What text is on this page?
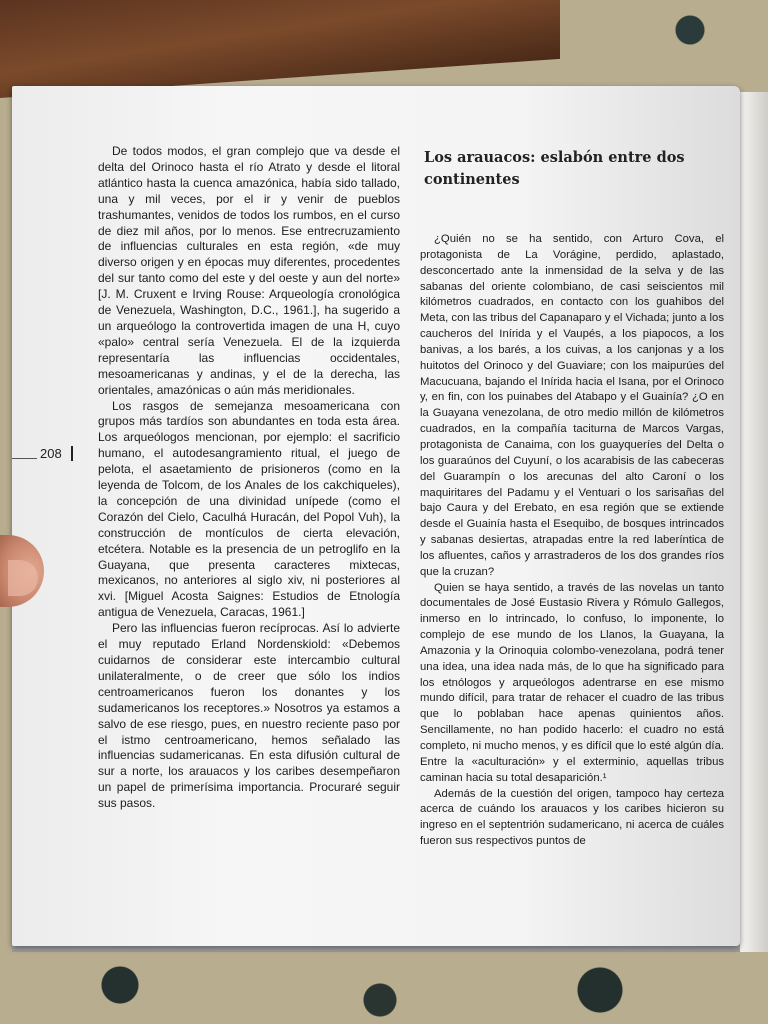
208

De todos modos, el gran complejo que va desde el delta del Orinoco hasta el río Atrato y desde el litoral atlántico hasta la cuenca amazónica, había sido tallado, una y mil veces, por el ir y venir de pueblos trashumantes, venidos de todos los rumbos, en el curso de diez mil años, por lo menos. Ese entrecruzamiento de influencias culturales en esta región, «de muy diverso origen y en épocas muy diferentes, procedentes del sur tanto como del este y del oeste y aun del norte» [J. M. Cruxent e Irving Rouse: Arqueología cronológica de Venezuela, Washington, D.C., 1961.], ha sugerido a un arqueólogo la controvertida imagen de una H, cuyo «palo» central sería Venezuela. El de la izquierda representaría las influencias occidentales, mesoamericanas y andinas, y el de la derecha, las orientales, amazónicas o aún más meridionales.

Los rasgos de semejanza mesoamericana con grupos más tardíos son abundantes en toda esta área. Los arqueólogos mencionan, por ejemplo: el sacrificio humano, el autodesangramiento ritual, el juego de pelota, el asaetamiento de prisioneros (como en la leyenda de Tolcom, de los Anales de los cakchiqueles), la concepción de una divinidad unípede (como el Corazón del Cielo, Caculhá Huracán, del Popol Vuh), la construcción de montículos de cierta elevación, etcétera. Notable es la presencia de un petroglifo en la Guayana, que presenta caracteres mixtecas, mexicanos, no anteriores al siglo xiv, ni posteriores al xvi. [Miguel Acosta Saignes: Estudios de Etnología antigua de Venezuela, Caracas, 1961.]

Pero las influencias fueron recíprocas. Así lo advierte el muy reputado Erland Nordenskiold: «Debemos cuidarnos de considerar este intercambio cultural unilateralmente, o de creer que sólo los indios centroamericanos fueron los donantes y los sudamericanos los receptores.» Nosotros ya estamos a salvo de ese riesgo, pues, en nuestro reciente paso por el istmo centroamericano, hemos señalado las influencias sudamericanas. En esta difusión cultural de sur a norte, los arauacos y los caribes desempeñaron un papel de primerísima importancia. Procuraré seguir sus pasos.

Los arauacos: eslabón entre dos continentes

¿Quién no se ha sentido, con Arturo Cova, el protagonista de La Vorágine, perdido, aplastado, desconcertado ante la inmensidad de la selva y de las sabanas del oriente colombiano, de casi seiscientos mil kilómetros cuadrados, en contacto con los guahibos del Meta, con las tribus del Capanaparo y el Vichada; junto a los caucheros del Inírida y el Vaupés, a los piapocos, a los banivas, a los barés, a los cuivas, a los canjonas y a los huitotos del Orinoco y del Guaviare; con los maipurúes del Macucuana, bajando el Inírida hacia el Isana, por el Orinoco y, en fin, con los puinabes del Atabapo y el Guainía? ¿O en la Guayana venezolana, de otro medio millón de kilómetros cuadrados, en la compañía taciturna de Marcos Vargas, protagonista de Canaima, con los guayqueríes del Delta o los guaraúnos del Cuyuní, o los acarabisis de las cabeceras del Guarampín o los arecunas del alto Caroní o los maquiritares del Padamu y el Ventuari o los sarisañas del bajo Caura y del Erebato, en esa región que se extiende desde el Guainía hasta el Esequibo, de bosques intrincados y sabanas desiertas, atrapadas entre la red laberíntica de los afluentes, caños y arrastraderos de los dos grandes ríos que la cruzan?

Quien se haya sentido, a través de las novelas un tanto documentales de José Eustasio Rivera y Rómulo Gallegos, inmerso en lo intrincado, lo confuso, lo imponente, lo complejo de ese mundo de los Llanos, la Guayana, la Amazonia y la Orinoquia colombo-venezolana, podrá tener una idea, una idea nada más, de lo que ha significado para los etnólogos y arqueólogos adentrarse en ese mismo mundo difícil, para tratar de rehacer el cuadro de las tribus que lo poblaban hace apenas quinientos años. Sencillamente, no han podido hacerlo: el cuadro no está completo, ni mucho menos, y es difícil que lo esté algún día. Entre la «aculturación» y el exterminio, aquellas tribus caminan hacia su total desaparición.¹

Además de la cuestión del origen, tampoco hay certeza acerca de cuándo los arauacos y los caribes hicieron su ingreso en el septentrión sudamericano, ni acerca de cuáles fueron sus respectivos puntos de
